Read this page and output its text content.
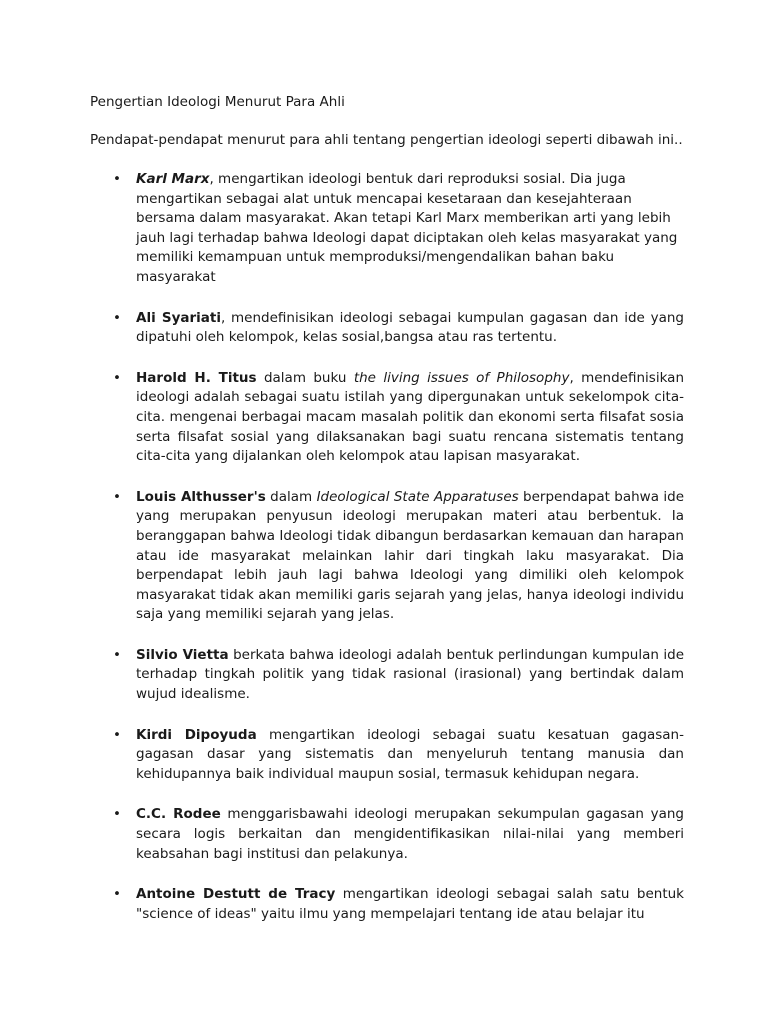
Pengertian Ideologi Menurut Para Ahli

Pendapat-pendapat menurut para ahli tentang pengertian ideologi seperti dibawah ini..

• Karl Marx, mengartikan ideologi bentuk dari reproduksi sosial. Dia juga mengartikan sebagai alat untuk mencapai kesetaraan dan kesejahteraan bersama dalam masyarakat. Akan tetapi Karl Marx memberikan arti yang lebih jauh lagi terhadap bahwa Ideologi dapat diciptakan oleh kelas masyarakat yang memiliki kemampuan untuk memproduksi/mengendalikan bahan baku masyarakat
• Ali Syariati, mendefinisikan ideologi sebagai kumpulan gagasan dan ide yang dipatuhi oleh kelompok, kelas sosial,bangsa atau ras tertentu.
• Harold H. Titus dalam buku the living issues of Philosophy, mendefinisikan ideologi adalah sebagai suatu istilah yang dipergunakan untuk sekelompok cita-cita. mengenai berbagai macam masalah politik dan ekonomi serta filsafat sosia serta filsafat sosial yang dilaksanakan bagi suatu rencana sistematis tentang cita-cita yang dijalankan oleh kelompok atau lapisan masyarakat.
• Louis Althusser's dalam Ideological State Apparatuses berpendapat bahwa ide yang merupakan penyusun ideologi merupakan materi atau berbentuk. Ia beranggapan bahwa Ideologi tidak dibangun berdasarkan kemauan dan harapan atau ide masyarakat melainkan lahir dari tingkah laku masyarakat. Dia berpendapat lebih jauh lagi bahwa Ideologi yang dimiliki oleh kelompok masyarakat tidak akan memiliki garis sejarah yang jelas, hanya ideologi individu saja yang memiliki sejarah yang jelas.
• Silvio Vietta berkata bahwa ideologi adalah bentuk perlindungan kumpulan ide terhadap tingkah politik yang tidak rasional (irasional) yang bertindak dalam wujud idealisme.
• Kirdi Dipoyuda mengartikan ideologi sebagai suatu kesatuan gagasan-gagasan dasar yang sistematis dan menyeluruh tentang manusia dan kehidupannya baik individual maupun sosial, termasuk kehidupan negara.
• C.C. Rodee menggarisbawahi ideologi merupakan sekumpulan gagasan yang secara logis berkaitan dan mengidentifikasikan nilai-nilai yang memberi keabsahan bagi institusi dan pelakunya.
• Antoine Destutt de Tracy mengartikan ideologi sebagai salah satu bentuk "science of ideas" yaitu ilmu yang mempelajari tentang ide atau belajar itu
